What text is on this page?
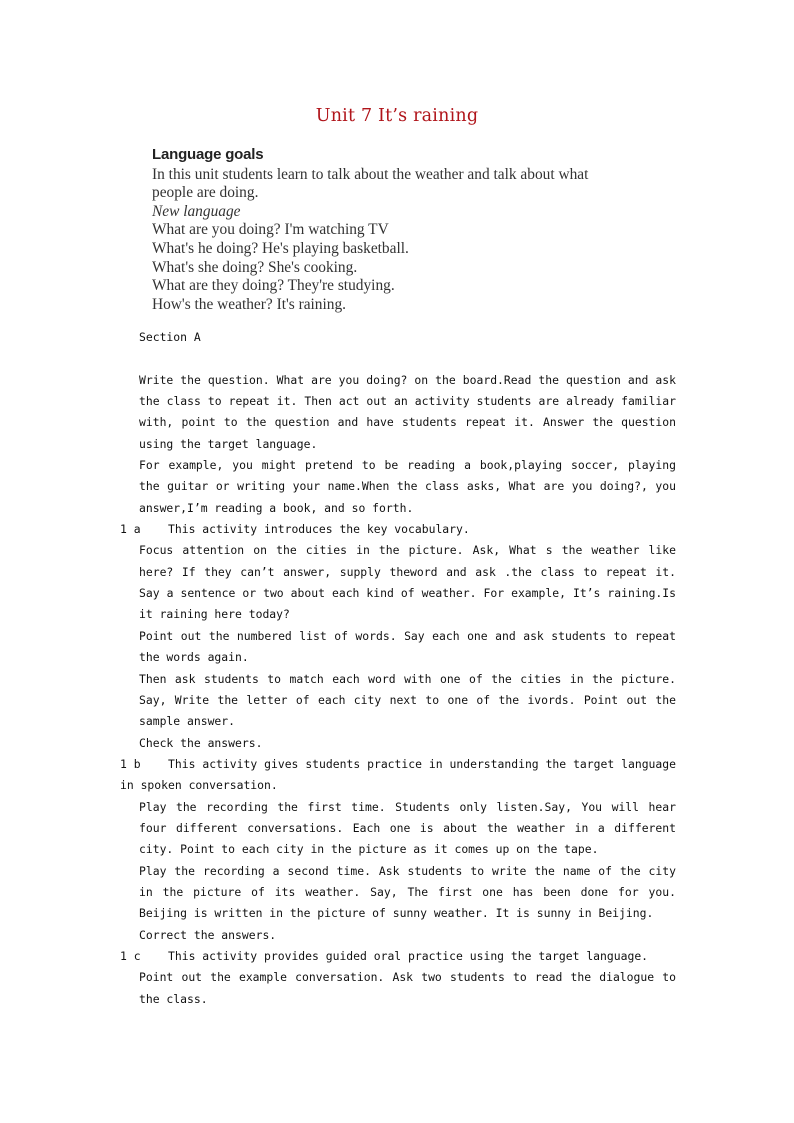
Unit 7 It’s raining
Language goals
In this unit students learn to talk about the weather and talk about what people are doing.
New language
What are you doing? I'm watching TV
What's he doing? He's playing basketball.
What's she doing? She's cooking.
What are they doing? They're studying.
How's the weather? It's raining.
Section A
Write the question. What are you doing? on the board.Read the question and ask the class to repeat it. Then act out an activity students are already familiar with, point to the question and have students repeat it. Answer the question using the target language.
For example, you might pretend to be reading a book,playing soccer, playing the guitar or writing your name.When the class asks, What are you doing?, you answer,I’m reading a book, and so forth.
1 a This activity introduces the key vocabulary.
Focus attention on the cities in the picture. Ask, What s the weather like here? If they can’t answer, supply theword and ask .the class to repeat it. Say a sentence or two about each kind of weather. For example, It’s raining.Is it raining here today?
Point out the numbered list of words. Say each one and ask students to repeat the words again.
Then ask students to match each word with one of the cities in the picture. Say, Write the letter of each city next to one of the ivords. Point out the sample answer.
Check the answers.
1 b This activity gives students practice in understanding the target language in spoken conversation.
Play the recording the first time. Students only listen.Say, You will hear four different conversations. Each one is about the weather in a different city. Point to each city in the picture as it comes up on the tape.
Play the recording a second time. Ask students to write the name of the city in the picture of its weather. Say, The first one has been done for you. Beijing is written in the picture of sunny weather. It is sunny in Beijing.
Correct the answers.
1 c This activity provides guided oral practice using the target language.
Point out the example conversation. Ask two students to read the dialogue to the class.
